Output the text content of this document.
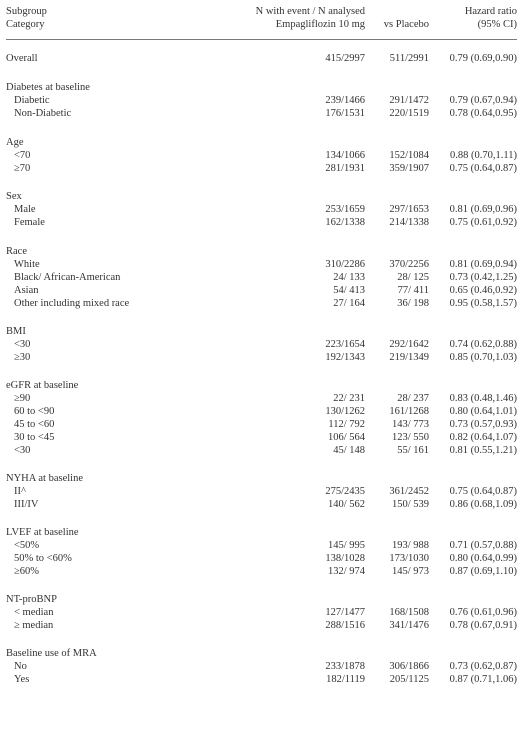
Subgroup
Category
N with event / N analysed
Empagliflozin 10 mg vs Placebo
Hazard ratio
(95% CI)
Overall	415/2997 511/2991 0.79 (0.69,0.90)
Diabetes at baseline
Diabetic	239/1466 291/1472 0.79 (0.67,0.94)
Non-Diabetic	176/1531 220/1519 0.78 (0.64,0.95)
Age
<70	134/1066 152/1084 0.88 (0.70,1.11)
≥70	281/1931 359/1907 0.75 (0.64,0.87)
Sex
Male	253/1659 297/1653 0.81 (0.69,0.96)
Female	162/1338 214/1338 0.75 (0.61,0.92)
Race
White	310/2286 370/2256 0.81 (0.69,0.94)
Black/ African-American	24/ 133	28/ 125 0.73 (0.42,1.25)
Asian	54/ 413	77/ 411 0.65 (0.46,0.92)
Other including mixed race	27/ 164	36/ 198 0.95 (0.58,1.57)
BMI
<30	223/1654 292/1642 0.74 (0.62,0.88)
≥30	192/1343 219/1349 0.85 (0.70,1.03)
eGFR at baseline
≥90	22/ 231	28/ 237 0.83 (0.48,1.46)
60 to <90	130/1262 161/1268 0.80 (0.64,1.01)
45 to <60	112/ 792	143/ 773 0.73 (0.57,0.93)
30 to <45	106/ 564	123/ 550 0.82 (0.64,1.07)
<30	45/ 148	55/ 161 0.81 (0.55,1.21)
NYHA at baseline
II^	275/2435 361/2452 0.75 (0.64,0.87)
III/IV	140/ 562	150/ 539 0.86 (0.68,1.09)
LVEF at baseline
<50%	145/ 995	193/ 988 0.71 (0.57,0.88)
50% to <60%	138/1028 173/1030 0.80 (0.64,0.99)
≥60%	132/ 974	145/ 973 0.87 (0.69,1.10)
NT-proBNP
< median	127/1477 168/1508 0.76 (0.61,0.96)
≥ median	288/1516 341/1476 0.78 (0.67,0.91)
Baseline use of MRA
No	233/1878 306/1866 0.73 (0.62,0.87)
Yes	182/1119 205/1125 0.87 (0.71,1.06)
